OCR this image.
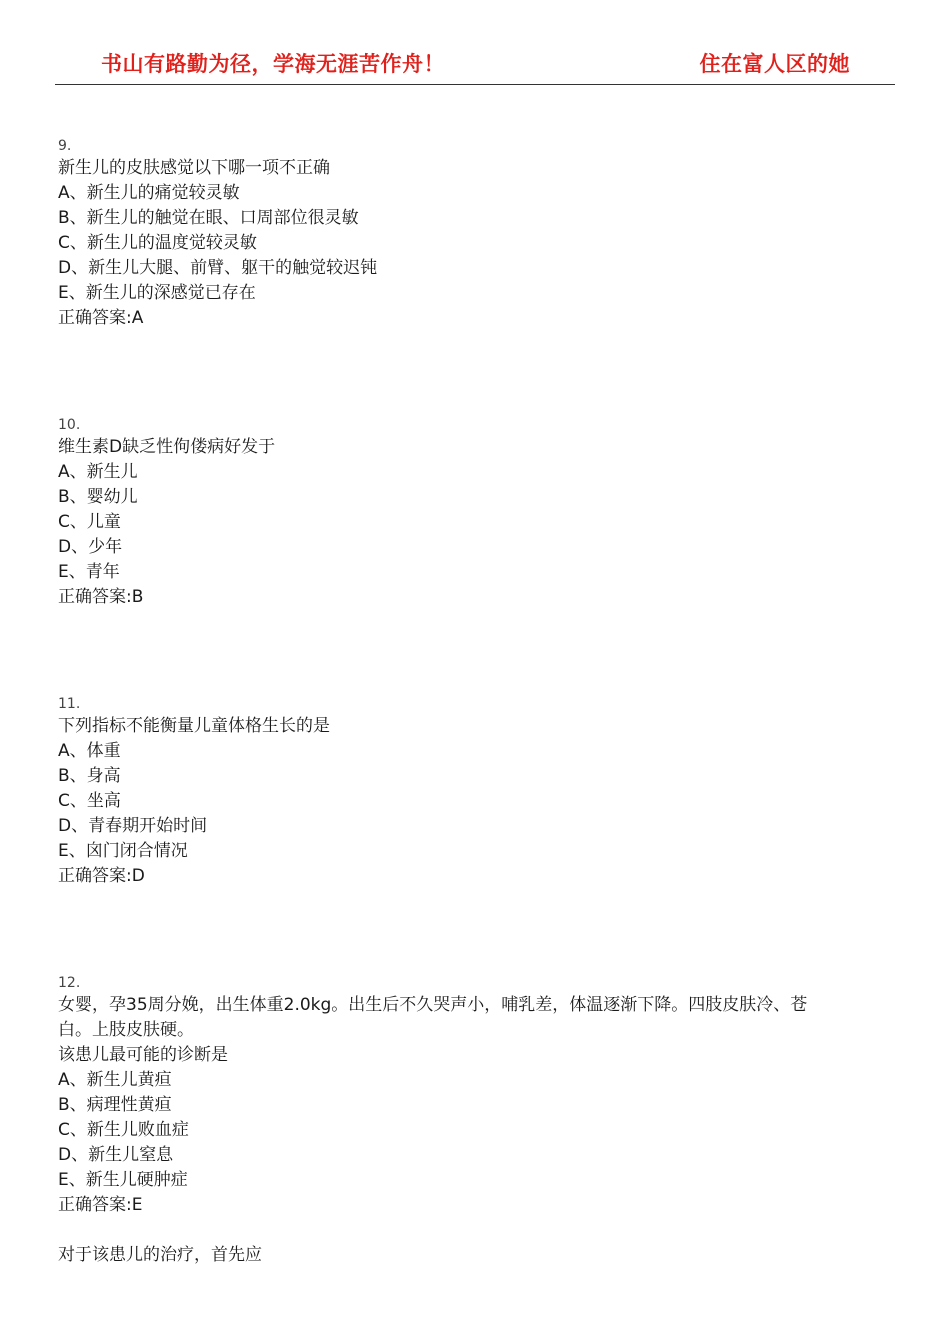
书山有路勤为径，学海无涯苦作舟！	住在富人区的她
9.
新生儿的皮肤感觉以下哪一项不正确
A、新生儿的痛觉较灵敏
B、新生儿的触觉在眼、口周部位很灵敏
C、新生儿的温度觉较灵敏
D、新生儿大腿、前臂、躯干的触觉较迟钝
E、新生儿的深感觉已存在
正确答案:A
10.
维生素D缺乏性佝偻病好发于
A、新生儿
B、婴幼儿
C、儿童
D、少年
E、青年
正确答案:B
11.
下列指标不能衡量儿童体格生长的是
A、体重
B、身高
C、坐高
D、青春期开始时间
E、囟门闭合情况
正确答案:D
12.
女婴，孕35周分娩，出生体重2.0kg。出生后不久哭声小，哺乳差，体温逐渐下降。四肢皮肤冷、苍
白。上肢皮肤硬。
该患儿最可能的诊断是
A、新生儿黄疸
B、病理性黄疸
C、新生儿败血症
D、新生儿窒息
E、新生儿硬肿症
正确答案:E
对于该患儿的治疗，首先应
